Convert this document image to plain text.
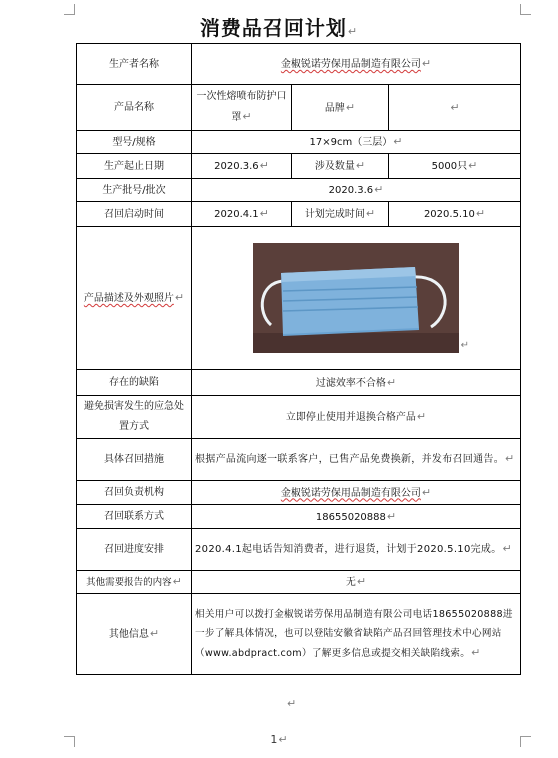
消费品召回计划↵
生产者名称	金椒锐诺劳保用品制造有限公司↵		
产品名称	一次性熔喷布防护口罩↵	品牌↵	↵
型号/规格	17×9cm（三层）↵		
生产起止日期	2020.3.6↵	涉及数量↵	5000只↵
生产批号/批次	2020.3.6↵		
召回启动时间	2020.4.1↵	计划完成时间↵	2020.5.10↵
产品描述及外观照片↵	↵		

存在的缺陷	过滤效率不合格↵		
避免损害发生的应急处置方式	立即停止使用并退换合格产品↵		
具体召回措施	根据产品流向逐一联系客户，已售产品免费换新，并发布召回通告。↵		
召回负责机构	金椒锐诺劳保用品制造有限公司↵		
召回联系方式	18655020888↵		
召回进度安排	2020.4.1起电话告知消费者，进行退货，计划于2020.5.10完成。↵		
其他需要报告的内容↵	无↵		
其他信息↵	相关用户可以拨打金椒锐诺劳保用品制造有限公司电话18655020888进一步了解具体情况，也可以登陆安徽省缺陷产品召回管理技术中心网站（www.abdpract.com）了解更多信息或提交相关缺陷线索。↵		
↵
1↵
